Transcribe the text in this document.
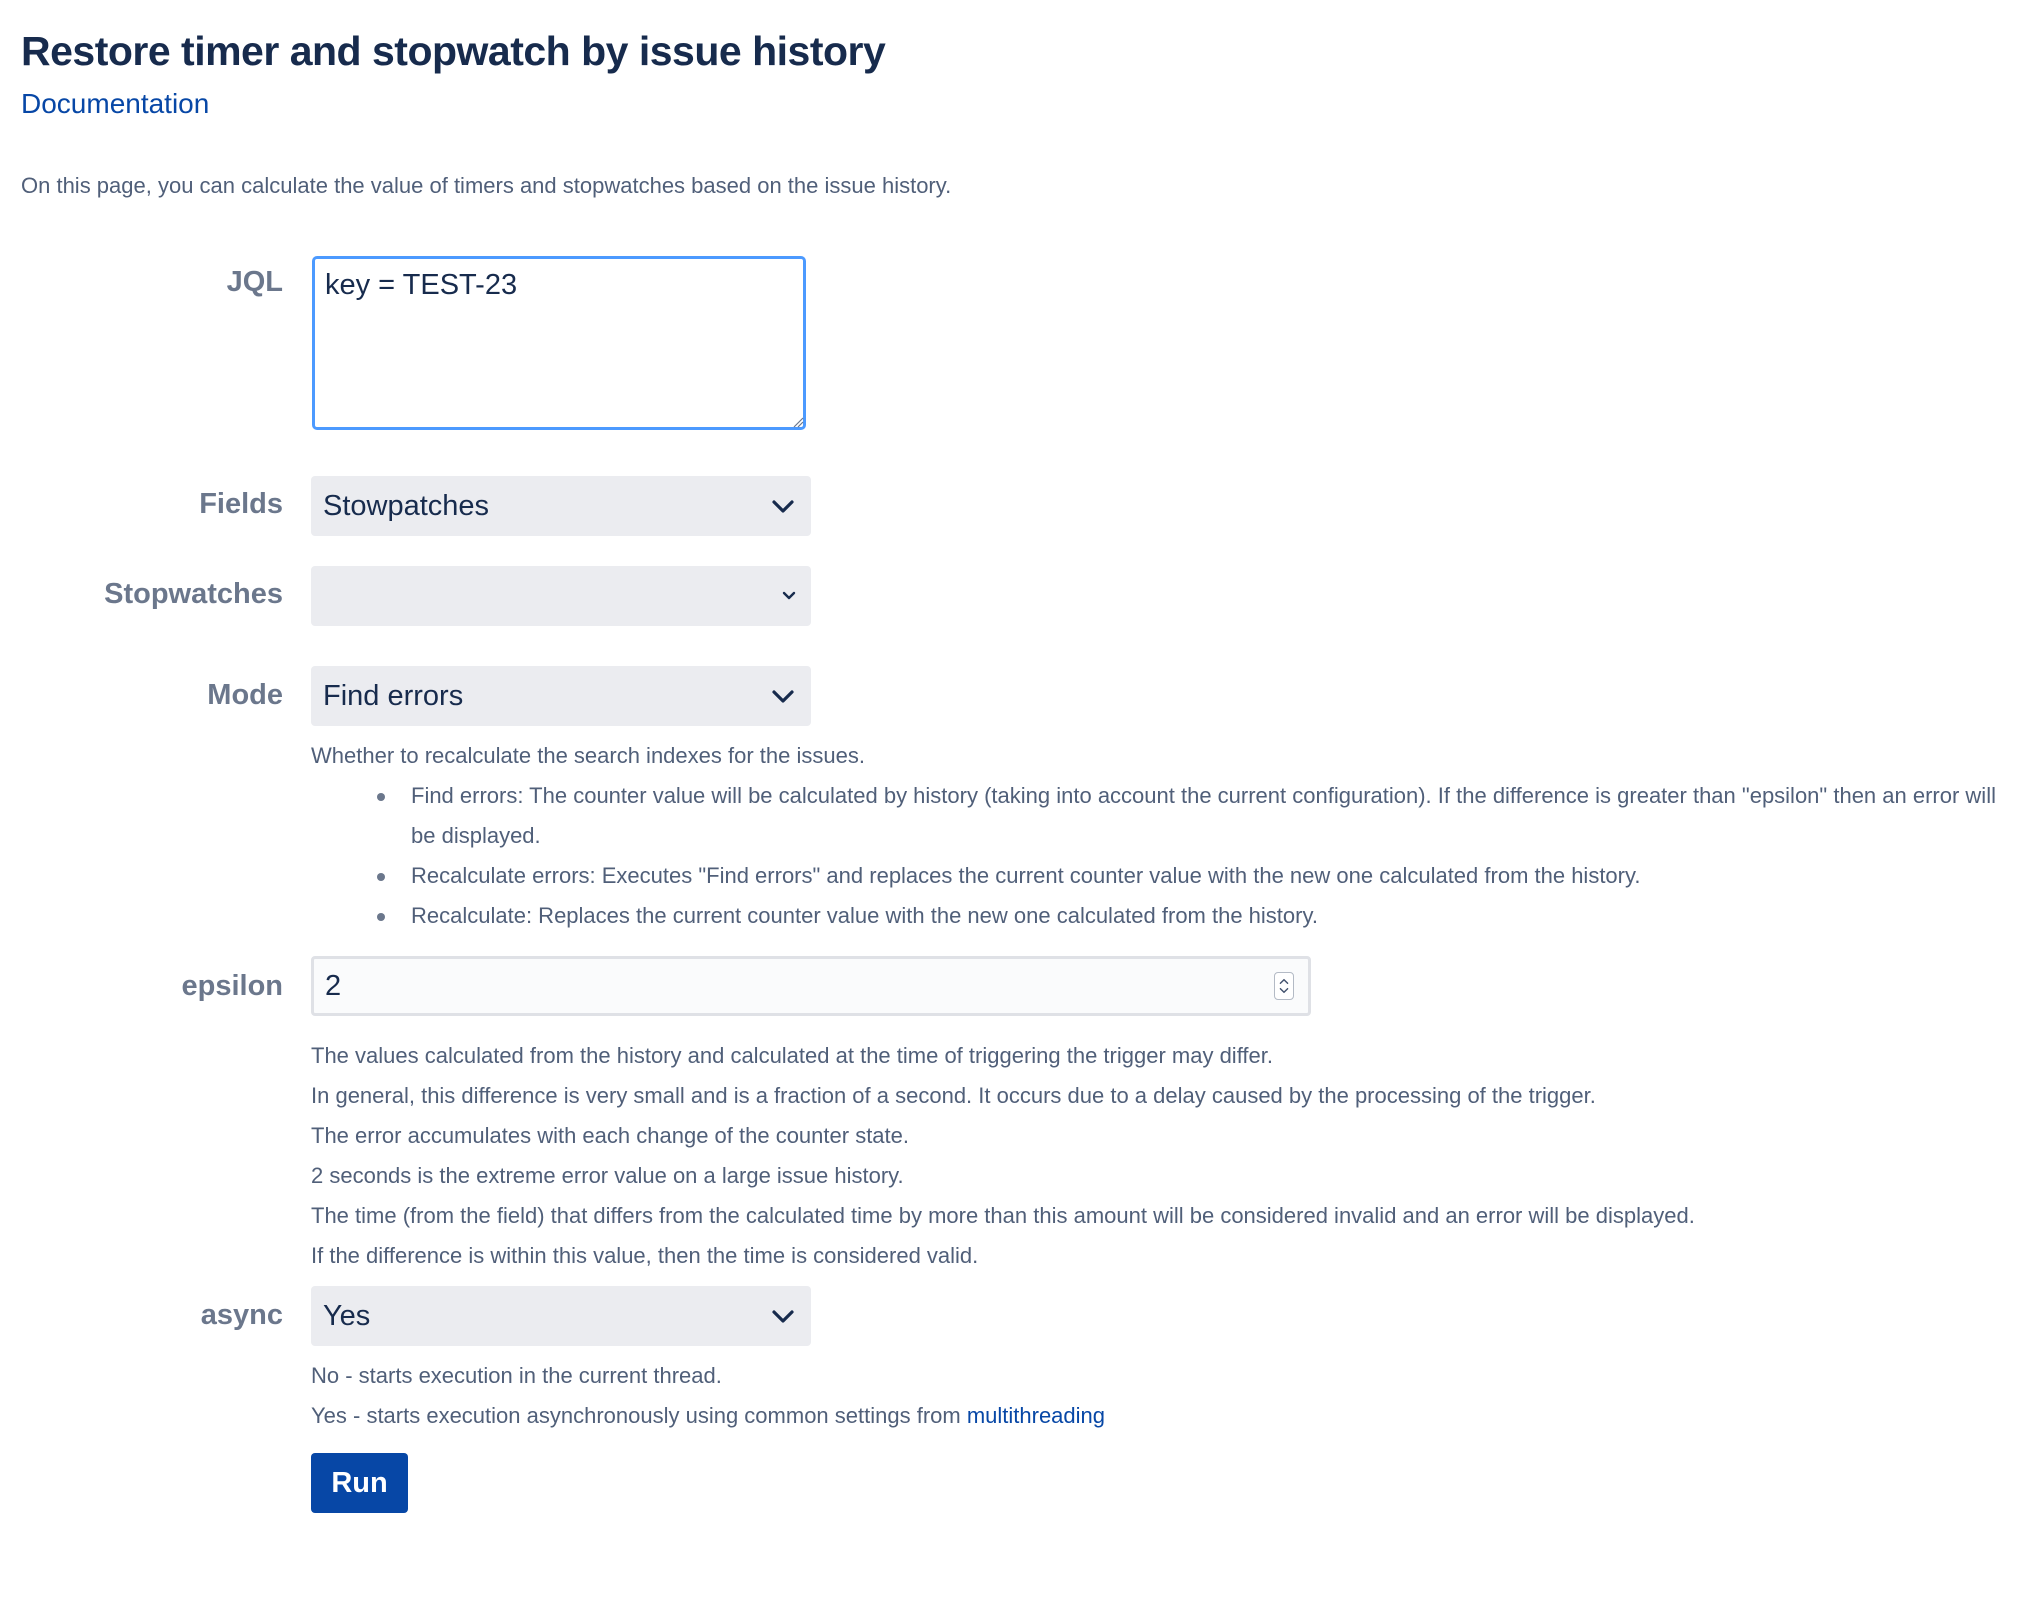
Restore timer and stopwatch by issue history
Documentation
On this page, you can calculate the value of timers and stopwatches based on the issue history.
JQL
key = TEST-23
Fields	Stowpatches
Stopwatches
Mode	Find errors
Whether to recalculate the search indexes for the issues.
Find errors: The counter value will be calculated by history (taking into account the current configuration). If the difference is greater than "epsilon" then an error will be displayed.
Recalculate errors: Executes "Find errors" and replaces the current counter value with the new one calculated from the history.
Recalculate: Replaces the current counter value with the new one calculated from the history.
epsilon	2

The values calculated from the history and calculated at the time of triggering the trigger may differ.

In general, this difference is very small and is a fraction of a second. It occurs due to a delay caused by the processing of the trigger.

The error accumulates with each change of the counter state.

2 seconds is the extreme error value on a large issue history.

The time (from the field) that differs from the calculated time by more than this amount will be considered invalid and an error will be displayed.

If the difference is within this value, then the time is considered valid.

async	Yes

No - starts execution in the current thread.

Yes - starts execution asynchronously using common settings from multithreading

Run
